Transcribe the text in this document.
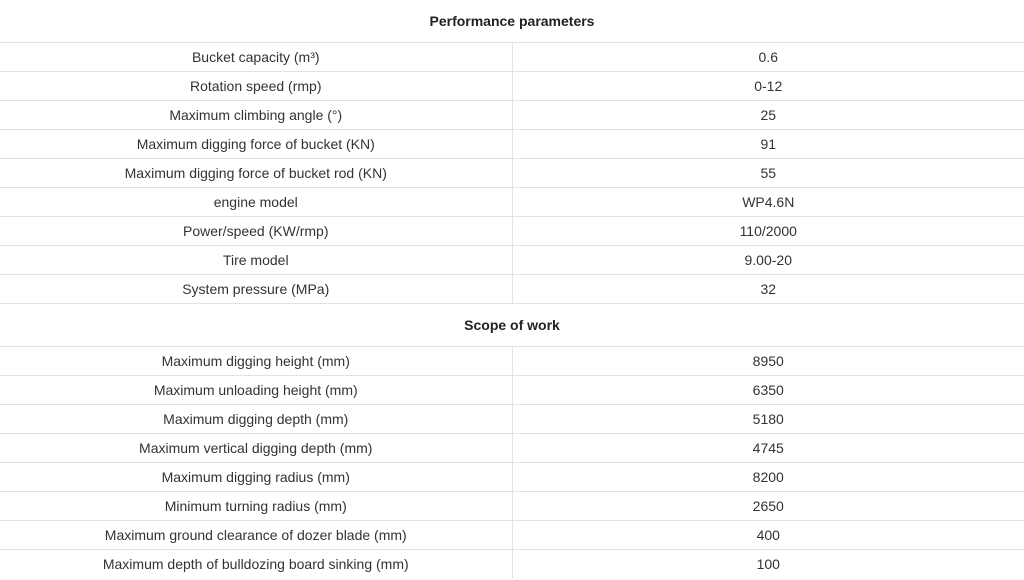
Performance parameters	
Bucket capacity (m³)	0.6
Rotation speed (rmp)	0-12
Maximum climbing angle (°)	25
Maximum digging force of bucket (KN)	91
Maximum digging force of bucket rod (KN)	55
engine model	WP4.6N
Power/speed (KW/rmp)	110/2000
Tire model	9.00-20
System pressure (MPa)	32
Scope of work	
Maximum digging height (mm)	8950
Maximum unloading height (mm)	6350
Maximum digging depth (mm)	5180
Maximum vertical digging depth (mm)	4745
Maximum digging radius (mm)	8200
Minimum turning radius (mm)	2650
Maximum ground clearance of dozer blade (mm)	400
Maximum depth of bulldozing board sinking (mm)	100
